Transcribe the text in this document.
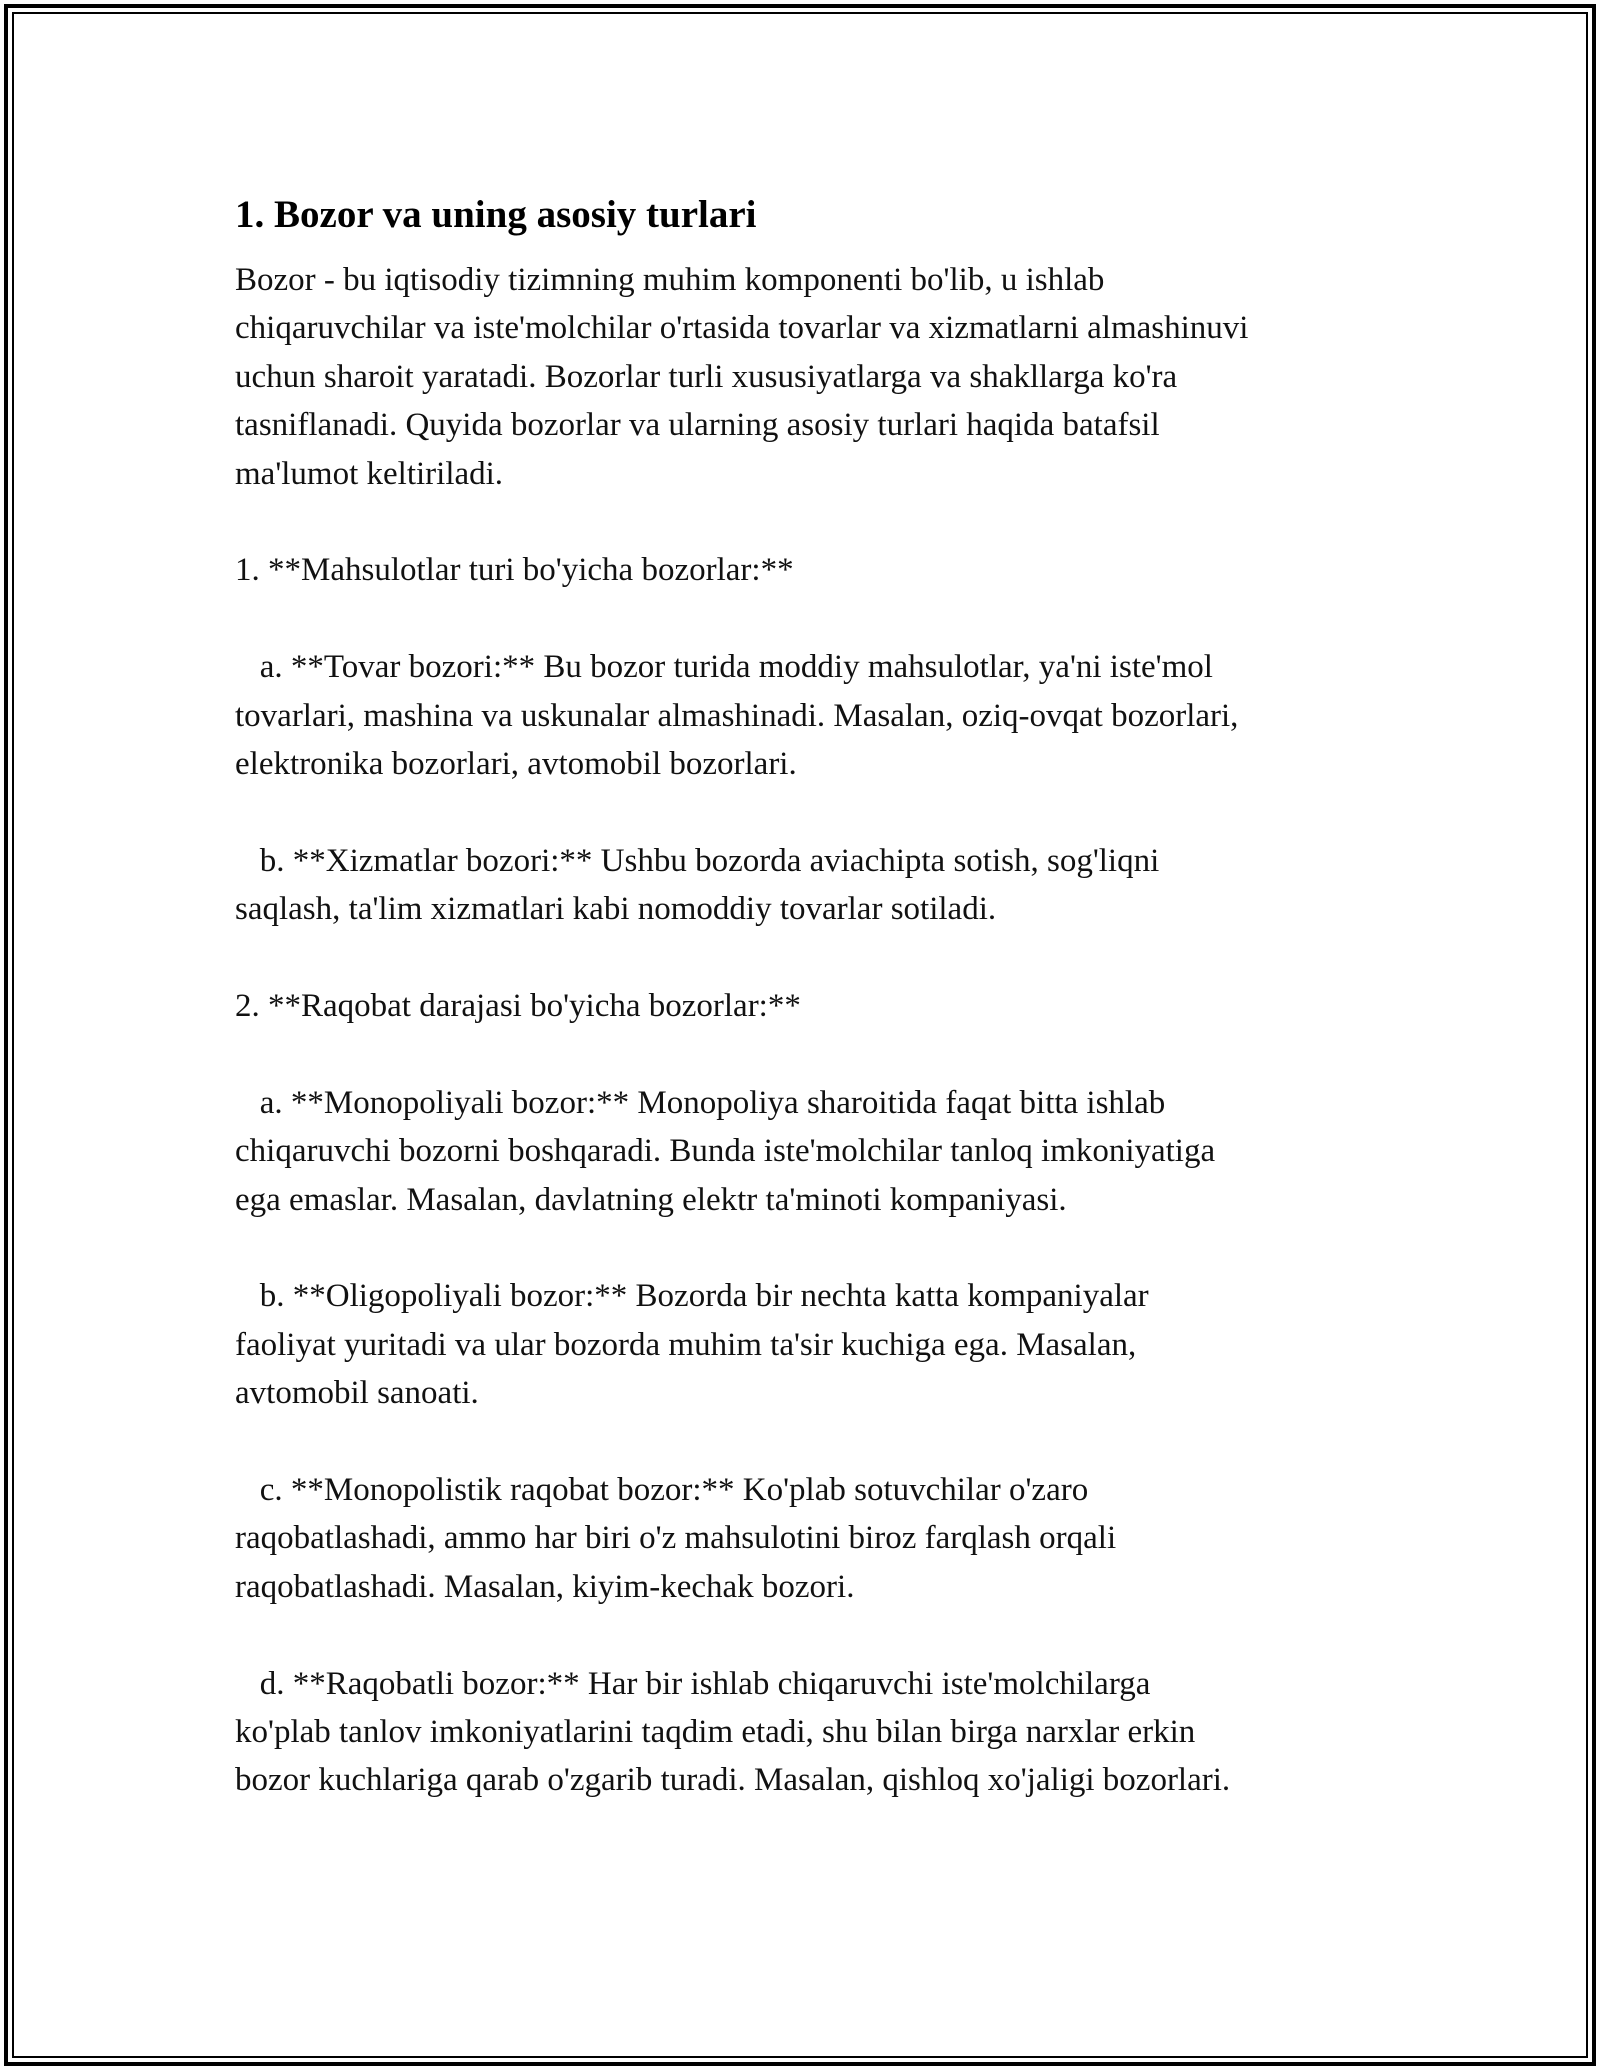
1. Bozor va uning asosiy turlari

Bozor - bu iqtisodiy tizimning muhim komponenti bo'lib, u ishlab
chiqaruvchilar va iste'molchilar o'rtasida tovarlar va xizmatlarni almashinuvi
uchun sharoit yaratadi. Bozorlar turli xususiyatlarga va shakllarga ko'ra
tasniflanadi. Quyida bozorlar va ularning asosiy turlari haqida batafsil
ma'lumot keltiriladi.

1. **Mahsulotlar turi bo'yicha bozorlar:**

a. **Tovar bozori:** Bu bozor turida moddiy mahsulotlar, ya'ni iste'mol
tovarlari, mashina va uskunalar almashinadi. Masalan, oziq-ovqat bozorlari,
elektronika bozorlari, avtomobil bozorlari.

b. **Xizmatlar bozori:** Ushbu bozorda aviachipta sotish, sog'liqni
saqlash, ta'lim xizmatlari kabi nomoddiy tovarlar sotiladi.

2. **Raqobat darajasi bo'yicha bozorlar:**

a. **Monopoliyali bozor:** Monopoliya sharoitida faqat bitta ishlab
chiqaruvchi bozorni boshqaradi. Bunda iste'molchilar tanloq imkoniyatiga
ega emaslar. Masalan, davlatning elektr ta'minoti kompaniyasi.

b. **Oligopoliyali bozor:** Bozorda bir nechta katta kompaniyalar
faoliyat yuritadi va ular bozorda muhim ta'sir kuchiga ega. Masalan,
avtomobil sanoati.

c. **Monopolistik raqobat bozor:** Ko'plab sotuvchilar o'zaro
raqobatlashadi, ammo har biri o'z mahsulotini biroz farqlash orqali
raqobatlashadi. Masalan, kiyim-kechak bozori.

d. **Raqobatli bozor:** Har bir ishlab chiqaruvchi iste'molchilarga
ko'plab tanlov imkoniyatlarini taqdim etadi, shu bilan birga narxlar erkin
bozor kuchlariga qarab o'zgarib turadi. Masalan, qishloq xo'jaligi bozorlari.
